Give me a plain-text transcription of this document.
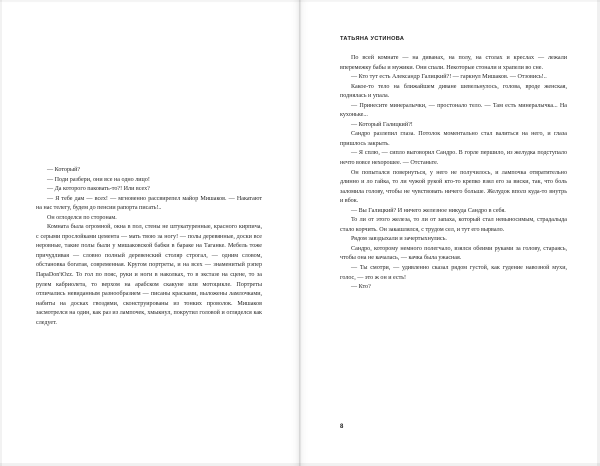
— Который?

— Поди разбери, они все на одно лицо!

— Да которого паковать-то?! Или всех?

— Я тебе дам — всех! — мгновенно рассвирепел майор Мишаков. — Накатают на нас телегу, будем до пенсии рапорта писать!..

Он оглоделся по сторонам.

Комната была огромной, окна в пол, стены не штукатуренные, красного кирпича, с серыми прослойками цемента — мать твою за ногу! — полы деревянные, доски все неровные, такие полы были у мишаковской бабки в бараке на Таганке. Мебель тоже причудливая — словно полный деревенский столяр строгал, — одним словом, обстановка богатая, современная. Кругом портреты, и на всех — знаменитый рэпер ПараDon'tOzz. То гол по пояс, руки и ноги в наколках, то в экстазе на сцене, то за рулем кабриолета, то верхом на арабском скакуне или мотоцикле. Портреты отличались невиданным разнообразием — писаны красками, выложены ламлочками, набиты на досках гвоздями, сконструированы из тонких проволок. Мишаков засмотрелся на один, как раз из лампочек, хмыкнул, покрутил головой и огляделся как следует.

ТАТЬЯНА УСТИНОВА

По всей комнате — на диванах, на полу, на столах и креслах — лежали вперемежку бабы и мужики. Они спали. Некоторые стонали и храпели во сне.

— Кто тут есть Александр Галицкий?! — гаркнул Мишаков. — Отзовись!..

Какое-то тело на ближайшем диване шевельнулось, голова, вроде женская, поднялась и упала.

— Принесите минералычки, — простонало тело. — Там есть минералычка... На кухоньке...

— Который Галицкий?!

Сандро разлепил глаза. Потолок моментально стал валиться на него, и глаза пришлось закрыть.

— Я сплю, — сипло выговорил Сандро. В горле першило, из желудка подступало нечто вовсе нехорошее. — Отстаньте.

Он попытался повернуться, у него не получилось, и лампочка отвратительно длинно и ло гайка, то ли чужой рукой кто-то крепко взял его за виски, так, что боль заломила голову, чтобы не чувствовать ничего больше. Желудок вполз куда-то внутрь и вбок.

— Вы Галицкий? И ничего железное никуда Сандро в себя.

То ли от этого железа, то ли от запаха, который стал невыносимым, страдалыда стало корчить. Он закашлялся, с трудом сел, и тут его вырвало.

Рядом завздыхали и зачертыхнулись.

Сандро, которому немного полегчало, взялся обеими руками за голову, стараясь, чтобы она не качалась, — качка была ужасная.

— Ты смотри, — удивленно сказал рядом густой, как гудение навозной мухи, голос, — это ж он и есть!

— Кто?

8
